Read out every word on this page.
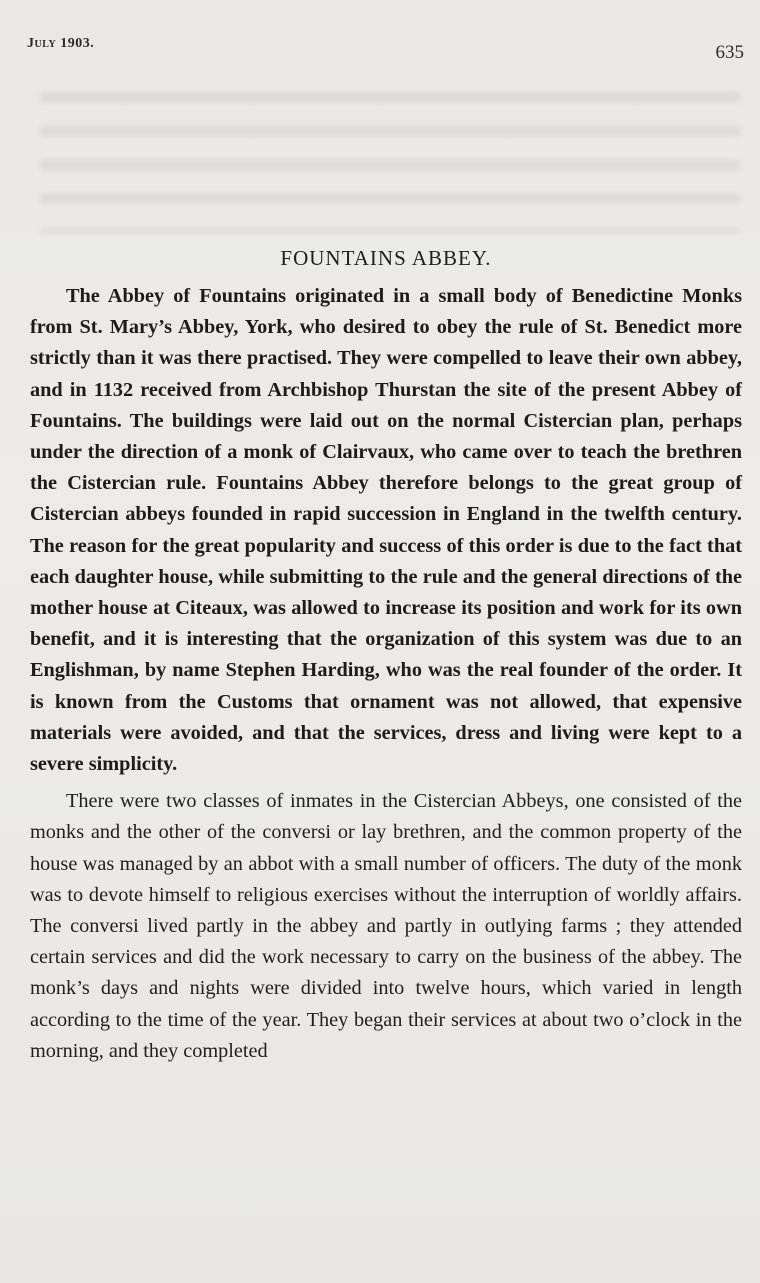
July 1903.	635
FOUNTAINS ABBEY.

The Abbey of Fountains originated in a small body of Benedictine Monks from St. Mary’s Abbey, York, who desired to obey the rule of St. Benedict more strictly than it was there practised. They were compelled to leave their own abbey, and in 1132 received from Archbishop Thurstan the site of the present Abbey of Fountains. The buildings were laid out on the normal Cistercian plan, perhaps under the direction of a monk of Clairvaux, who came over to teach the brethren the Cistercian rule. Fountains Abbey therefore belongs to the great group of Cistercian abbeys founded in rapid succession in England in the twelfth century. The reason for the great popularity and success of this order is due to the fact that each daughter house, while submitting to the rule and the general directions of the mother house at Citeaux, was allowed to increase its position and work for its own benefit, and it is interesting that the organization of this system was due to an Englishman, by name Stephen Harding, who was the real founder of the order. It is known from the Customs that ornament was not allowed, that expensive materials were avoided, and that the services, dress and living were kept to a severe simplicity.

There were two classes of inmates in the Cistercian Abbeys, one consisted of the monks and the other of the conversi or lay brethren, and the common property of the house was managed by an abbot with a small number of officers. The duty of the monk was to devote himself to religious exercises without the interruption of worldly affairs. The conversi lived partly in the abbey and partly in outlying farms ; they attended certain services and did the work necessary to carry on the business of the abbey. The monk’s days and nights were divided into twelve hours, which varied in length according to the time of the year. They began their services at about two o’clock in the morning, and they completed
